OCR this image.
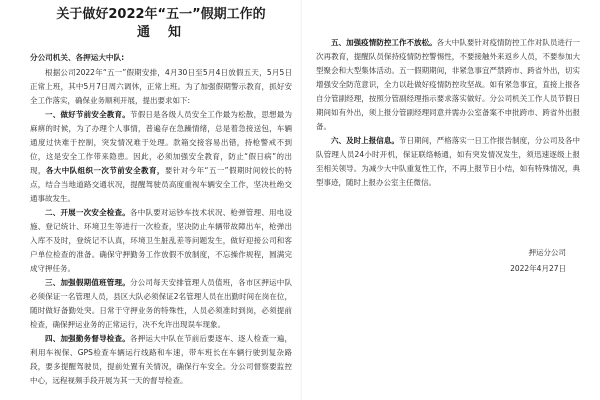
关于做好2022年“五一”假期工作的
通知

分公司机关、各押运大中队:

根据公司2022年“五一”假期安排，4月30日至5月4日放假五天，5月5日正常上班，其中5月7日周六调休，正常上班。为了加强假期警示教育，抓好安全工作落实，确保业务顺利开展，提出要求如下:

一、做好节前安全教育。节假日是各级人员安全工作最为松散，思想最为麻痹的时候，为了办理个人事情，普遍存在急躁情绪，总是着急接送包，车辆通度过快难于控制，突发情况难于处理。款箱交接容易出错，持枪警戒不到位，这是安全工作带来隐患。因此，必须加强安全教育，防止“假日病”的出现，各大中队组织一次节前安全教育，要针对今年“五一”假期时间较长的特点，结合当地道路交通状况，提醒驾驶员高度重视车辆安全工作，坚决杜绝交通事故发生。

二、开展一次安全检查。各中队要对运钞车技术状况、枪弹管理、用电设施、登记统计、环境卫生等进行一次检查，坚决防止车辆带故障出车，枪弹出入库不及时，登统记不认真，环境卫生脏乱差等问题发生，做好迎接公司和客户单位检查的准备。确保守押勤务工作放假不放制度，不忘操作规程，圆满完成守押任务。

三、加强假期值班管理。分公司每天安排管理人员值班，各市区押运中队必须保证一名管理人员，县区大队必须保证2名管理人员在出勤时间在岗在位，随时做好备勤处突。日常于守押业务的特殊性，人员必须准时到岗，必须提前检查，确保押运业务的正常运行，决不允许出现误车现象。

四、加强勤务督导检查。各押运大中队在节前后要逐车、逐人检查一遍，利用车视保、GPS检查车辆运行线路和车速，带车班长在车辆行驶到复杂路段，要多提醒驾驶员，提前处置有关情况，确保行车安全。分公司督察要监控中心，远程视频手段开展为其一天的督导检查。

五、加强疫情防控工作不放松。各大中队要针对疫情防控工作对队员进行一次再教育，提醒队员保持疫情防控警惕性，不要接触外来返乡人员，不要参加大型聚会和大型集体活动。五一假期期间，非紧急事宜严禁跨市、跨省外出，切实增强安全防范意识，全力以赴做好疫情防控攻坚战。如有紧急事宜，直接上报各自分管副经理，按照分管副经理指示要求落实做好。分公司机关工作人员节假日期间如有外出，须上报分管副经理同意并需办公室备案不申批跨市、跨省外出报备。

六、及时上报信息。节日期间，严格落实一日工作报告制度，分公司及各中队管理人员24小时开机，保证联络畅通，如有突发情况发生，须迅速逐级上报至相关领导。为减少大中队重复性工作，不再上报节日小结，如有特殊情况，典型事迹，随时上报办公室主任微信。

押运分公司
2022年4月27日
